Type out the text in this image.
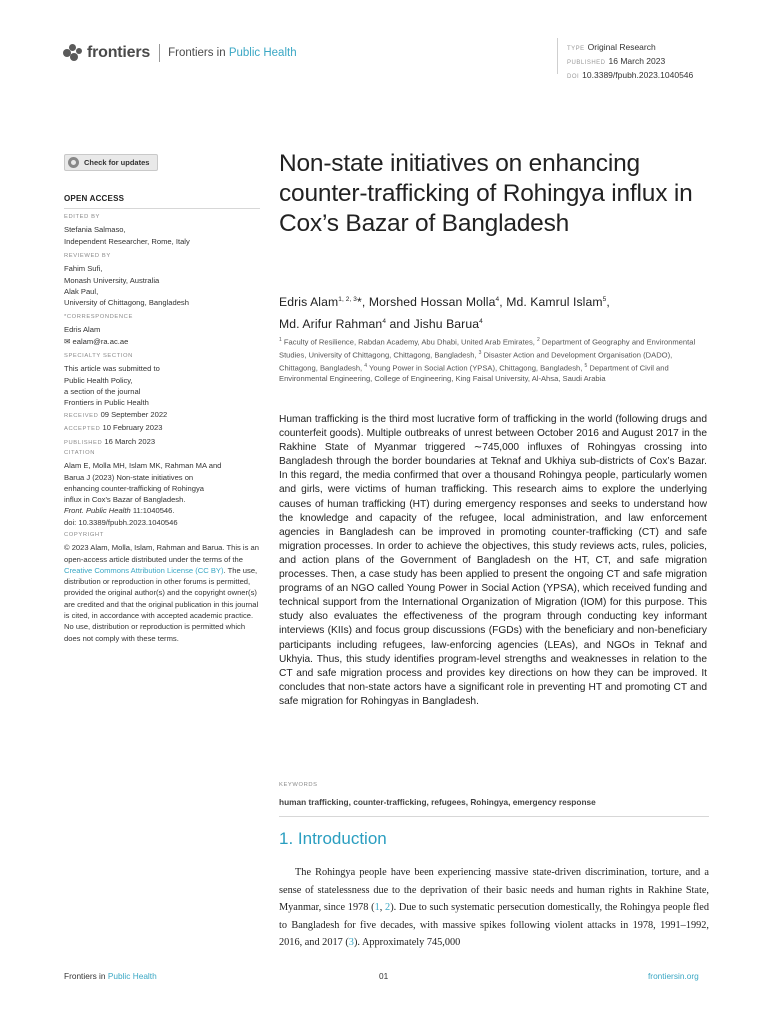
frontiers Frontiers in Public Health	TYPE Original Research
PUBLISHED 16 March 2023
DOI 10.3389/fpubh.2023.1040546
Check for updates
OPEN ACCESS
EDITED BY
Stefania Salmaso,
Independent Researcher, Rome, Italy
REVIEWED BY
Fahim Sufi,
Monash University, Australia
Alak Paul,
University of Chittagong, Bangladesh
*CORRESPONDENCE
Edris Alam
✉ ealam@ra.ac.ae
SPECIALTY SECTION
This article was submitted to
Public Health Policy,
a section of the journal
Frontiers in Public Health
RECEIVED 09 September 2022
ACCEPTED 10 February 2023
PUBLISHED 16 March 2023
CITATION
Alam E, Molla MH, Islam MK, Rahman MA and
Barua J (2023) Non-state initiatives on
enhancing counter-trafficking of Rohingya
influx in Cox’s Bazar of Bangladesh.
Front. Public Health 11:1040546.
doi: 10.3389/fpubh.2023.1040546
COPYRIGHT
© 2023 Alam, Molla, Islam, Rahman and Barua. This is an open-access article distributed under the terms of the Creative Commons Attribution License (CC BY). The use, distribution or reproduction in other forums is permitted, provided the original author(s) and the copyright owner(s) are credited and that the original publication in this journal is cited, in accordance with accepted academic practice. No use, distribution or reproduction is permitted which does not comply with these terms.
Non-state initiatives on enhancing counter-trafficking of Rohingya influx in Cox’s Bazar of Bangladesh
Edris Alam$^{1, 2, 3}$*, Morshed Hossan Molla$^4$, Md. Kamrul Islam$^5$,
Md. Arifur Rahman$^4$ and Jishu Barua$^4$
$^1$ Faculty of Resilience, Rabdan Academy, Abu Dhabi, United Arab Emirates, $^2$ Department of Geography and Environmental Studies, University of Chittagong, Chittagong, Bangladesh, $^3$ Disaster Action and Development Organisation (DADO), Chittagong, Bangladesh, $^4$ Young Power in Social Action (YPSA), Chittagong, Bangladesh, $^5$ Department of Civil and Environmental Engineering, College of Engineering, King Faisal University, Al-Ahsa, Saudi Arabia
Human trafficking is the third most lucrative form of trafficking in the world (following drugs and counterfeit goods). Multiple outbreaks of unrest between October 2016 and August 2017 in the Rakhine State of Myanmar triggered ∼745,000 influxes of Rohingyas crossing into Bangladesh through the border boundaries at Teknaf and Ukhiya sub-districts of Cox’s Bazar. In this regard, the media confirmed that over a thousand Rohingya people, particularly women and girls, were victims of human trafficking. This research aims to explore the underlying causes of human trafficking (HT) during emergency responses and seeks to understand how the knowledge and capacity of the refugee, local administration, and law enforcement agencies in Bangladesh can be improved in promoting counter-trafficking (CT) and safe migration processes. In order to achieve the objectives, this study reviews acts, rules, policies, and action plans of the Government of Bangladesh on the HT, CT, and safe migration processes. Then, a case study has been applied to present the ongoing CT and safe migration programs of an NGO called Young Power in Social Action (YPSA), which received funding and technical support from the International Organization of Migration (IOM) for this purpose. This study also evaluates the effectiveness of the program through conducting key informant interviews (KIIs) and focus group discussions (FGDs) with the beneficiary and non-beneficiary participants including refugees, law-enforcing agencies (LEAs), and NGOs in Teknaf and Ukhyia. Thus, this study identifies program-level strengths and weaknesses in relation to the CT and safe migration process and provides key directions on how they can be improved. It concludes that non-state actors have a significant role in preventing HT and promoting CT and safe migration for Rohingyas in Bangladesh.
KEYWORDS
human trafficking, counter-trafficking, refugees, Rohingya, emergency response
1. Introduction
The Rohingya people have been experiencing massive state-driven discrimination, torture, and a sense of statelessness due to the deprivation of their basic needs and human rights in Rakhine State, Myanmar, since 1978 (1, 2). Due to such systematic persecution domestically, the Rohingya people fled to Bangladesh for five decades, with massive spikes following violent attacks in 1978, 1991–1992, 2016, and 2017 (3). Approximately 745,000
Frontiers in Public Health	01	frontiersin.org
